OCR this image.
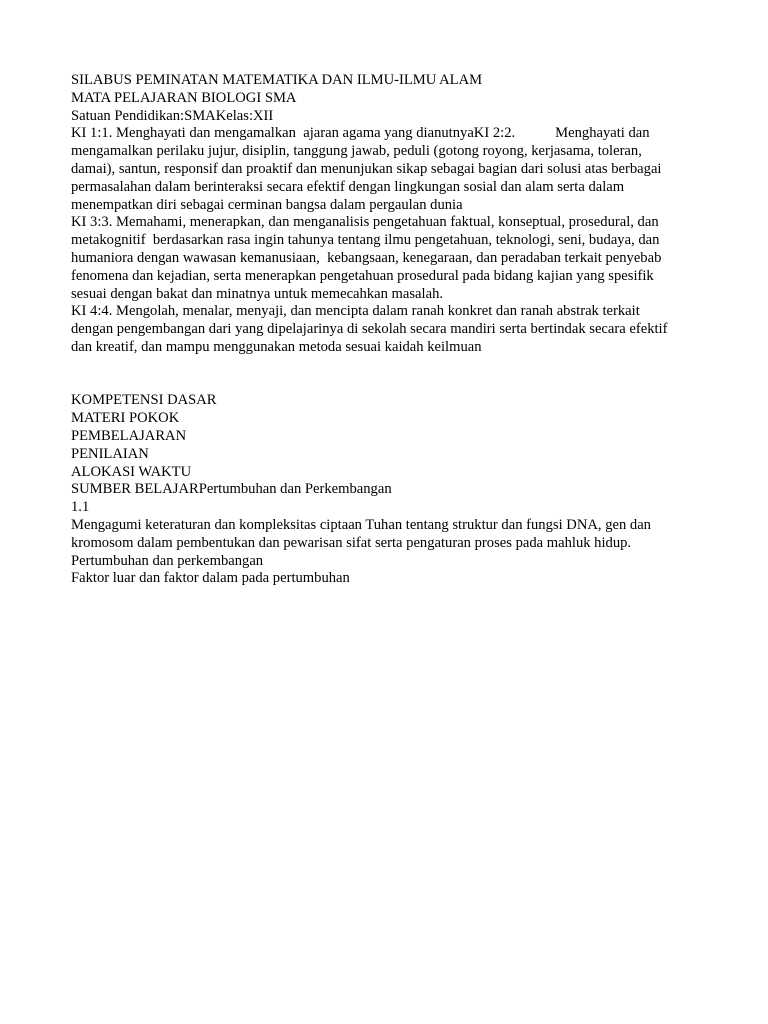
SILABUS PEMINATAN MATEMATIKA DAN ILMU-ILMU ALAM
MATA PELAJARAN BIOLOGI SMA
Satuan Pendidikan:SMAKelas:XII
KI 1:1. Menghayati dan mengamalkan  ajaran agama yang dianutnyaKI 2:2.	Menghayati dan
mengamalkan perilaku jujur, disiplin, tanggung jawab, peduli (gotong royong, kerjasama, toleran,
damai), santun, responsif dan proaktif dan menunjukan sikap sebagai bagian dari solusi atas berbagai
permasalahan dalam berinteraksi secara efektif dengan lingkungan sosial dan alam serta dalam
menempatkan diri sebagai cerminan bangsa dalam pergaulan dunia
KI 3:3. Memahami, menerapkan, dan menganalisis pengetahuan faktual, konseptual, prosedural, dan
metakognitif  berdasarkan rasa ingin tahunya tentang ilmu pengetahuan, teknologi, seni, budaya, dan
humaniora dengan wawasan kemanusiaan,  kebangsaan, kenegaraan, dan peradaban terkait penyebab
fenomena dan kejadian, serta menerapkan pengetahuan prosedural pada bidang kajian yang spesifik
sesuai dengan bakat dan minatnya untuk memecahkan masalah.
KI 4:4. Mengolah, menalar, menyaji, dan mencipta dalam ranah konkret dan ranah abstrak terkait
dengan pengembangan dari yang dipelajarinya di sekolah secara mandiri serta bertindak secara efektif
dan kreatif, dan mampu menggunakan metoda sesuai kaidah keilmuan
KOMPETENSI DASAR
MATERI POKOK
PEMBELAJARAN
PENILAIAN
ALOKASI WAKTU
SUMBER BELAJARPertumbuhan dan Perkembangan
1.1
Mengagumi keteraturan dan kompleksitas ciptaan Tuhan tentang struktur dan fungsi DNA, gen dan
kromosom dalam pembentukan dan pewarisan sifat serta pengaturan proses pada mahluk hidup.
Pertumbuhan dan perkembangan
Faktor luar dan faktor dalam pada pertumbuhan
